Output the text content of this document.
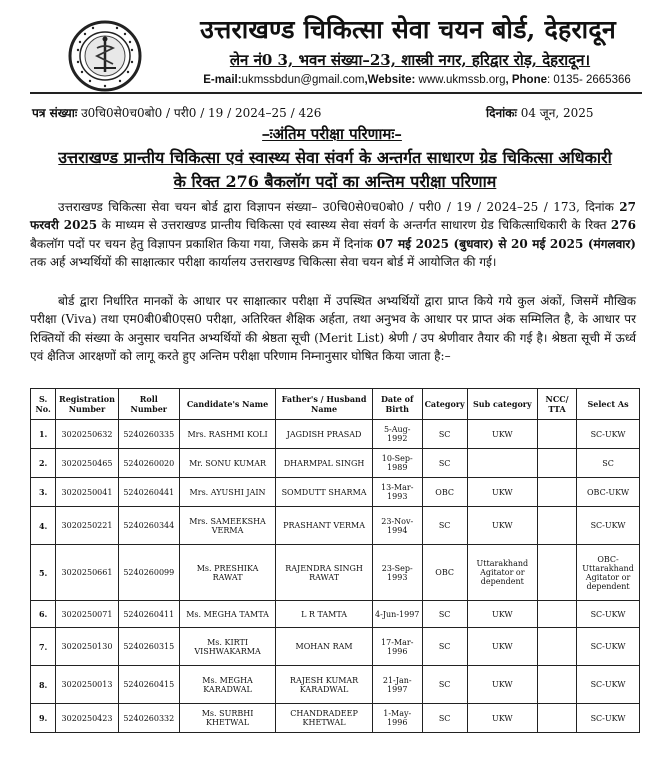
उत्तराखण्ड चिकित्सा सेवा चयन बोर्ड, देहरादून
लेन नं0 3, भवन संख्या–23, शास्त्री नगर, हरिद्वार रोड़, देहरादून।
E-mail:ukmssbdun@gmail.com,Website: www.ukmssb.org, Phone: 0135- 2665366
पत्र संख्याः उ0चि0से0च0बो0 / परी0 / 19 / 2024–25 / 426	दिनांकः 04 जून, 2025
–ःअंतिम परीक्षा परिणामः–
उत्तराखण्ड प्रान्तीय चिकित्सा एवं स्वास्थ्य सेवा संवर्ग के अन्तर्गत साधारण ग्रेड चिकित्सा अधिकारी
के रिक्त 276 बैकलॉग पदों का अन्तिम परीक्षा परिणाम
उत्तराखण्ड चिकित्सा सेवा चयन बोर्ड द्वारा विज्ञापन संख्या– उ0चि0से0च0बो0 / परी0 / 19 / 2024–25 / 173, दिनांक 27 फरवरी 2025 के माध्यम से उत्तराखण्ड प्रान्तीय चिकित्सा एवं स्वास्थ्य सेवा संवर्ग के अन्तर्गत साधारण ग्रेड चिकित्साधिकारी के रिक्त 276 बैकलॉग पदों पर चयन हेतु विज्ञापन प्रकाशित किया गया, जिसके क्रम में दिनांक 07 मई 2025 (बुधवार) से 20 मई 2025 (मंगलवार) तक अर्ह अभ्यर्थियों की साक्षात्कार परीक्षा कार्यालय उत्तराखण्ड चिकित्सा सेवा चयन बोर्ड में आयोजित की गई।
बोर्ड द्वारा निर्धारित मानकों के आधार पर साक्षात्कार परीक्षा में उपस्थित अभ्यर्थियों द्वारा प्राप्त किये गये कुल अंकों, जिसमें मौखिक परीक्षा (Viva) तथा एम0बी0बी0एस0 परीक्षा, अतिरिक्त शैक्षिक अर्हता, तथा अनुभव के आधार पर प्राप्त अंक सम्मिलित है, के आधार पर रिक्तियों की संख्या के अनुसार चयनित अभ्यर्थियों की श्रेष्ठता सूची (Merit List) श्रेणी / उप श्रेणीवार तैयार की गई है। श्रेष्ठता सूची में ऊर्ध्व एवं क्षैतिज आरक्षणों को लागू करते हुए अन्तिम परीक्षा परिणाम निम्नानुसार घोषित किया जाता है:–
S. No.	Registration Number	Roll Number	Candidate's Name	Father's / Husband Name	Date of Birth	Category	Sub category	NCC/ TTA	Select As
1.	3020250632	5240260335	Mrs. RASHMI KOLI	JAGDISH PRASAD	5-Aug-1992	SC	UKW		SC-UKW
2.	3020250465	5240260020	Mr. SONU KUMAR	DHARMPAL SINGH	10-Sep-1989	SC			SC
3.	3020250041	5240260441	Mrs. AYUSHI JAIN	SOMDUTT SHARMA	13-Mar-1993	OBC	UKW		OBC-UKW
4.	3020250221	5240260344	Mrs. SAMEEKSHA VERMA	PRASHANT VERMA	23-Nov-1994	SC	UKW		SC-UKW
5.	3020250661	5240260099	Ms. PRESHIKA RAWAT	RAJENDRA SINGH RAWAT	23-Sep-1993	OBC	Uttarakhand Agitator or dependent		OBC-Uttarakhand Agitator or dependent
6.	3020250071	5240260411	Ms. MEGHA TAMTA	L R TAMTA	4-Jun-1997	SC	UKW		SC-UKW
7.	3020250130	5240260315	Ms. KIRTI VISHWAKARMA	MOHAN RAM	17-Mar-1996	SC	UKW		SC-UKW
8.	3020250013	5240260415	Ms. MEGHA KARADWAL	RAJESH KUMAR KARADWAL	21-Jan-1997	SC	UKW		SC-UKW
9.	3020250423	5240260332	Ms. SURBHI KHETWAL	CHANDRADEEP KHETWAL	1-May-1996	SC	UKW		SC-UKW
